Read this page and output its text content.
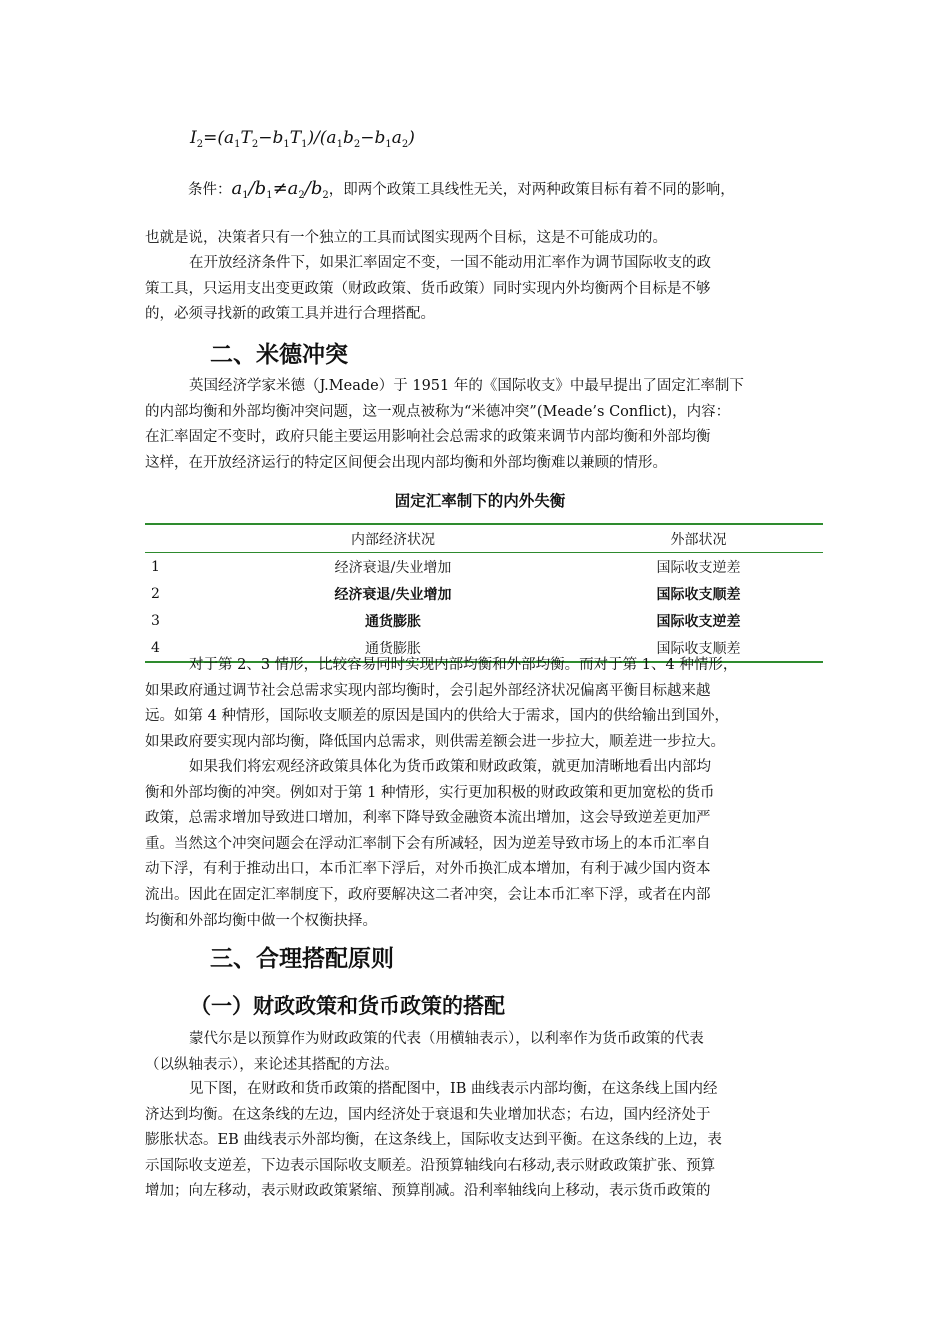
$I_2=(a_1T_2-b_1T_1)/(a_1b_2-b_1a_2)$
条件：$a_1/b_1\ne a_2/b_2$，即两个政策工具线性无关，对两种政策目标有着不同的影响，
也就是说，决策者只有一个独立的工具而试图实现两个目标，这是不可能成功的。
在开放经济条件下，如果汇率固定不变，一国不能动用汇率作为调节国际收支的政
策工具，只运用支出变更政策（财政政策、货币政策）同时实现内外均衡两个目标是不够
的，必须寻找新的政策工具并进行合理搭配。
二、米德冲突
英国经济学家米德（J.Meade）于 1951 年的《国际收支》中最早提出了固定汇率制下
的内部均衡和外部均衡冲突问题，这一观点被称为“米德冲突”(Meade’s Conflict)，内容：
在汇率固定不变时，政府只能主要运用影响社会总需求的政策来调节内部均衡和外部均衡
这样，在开放经济运行的特定区间便会出现内部均衡和外部均衡难以兼顾的情形。
固定汇率制下的内外失衡
	内部经济状况	外部状况
1	经济衰退/失业增加	国际收支逆差
2	经济衰退/失业增加	国际收支顺差
3	通货膨胀	国际收支逆差
4	通货膨胀	国际收支顺差
对于第 2、3 情形，比较容易同时实现内部均衡和外部均衡。而对于第 1、4 种情形，
如果政府通过调节社会总需求实现内部均衡时，会引起外部经济状况偏离平衡目标越来越
远。如第 4 种情形，国际收支顺差的原因是国内的供给大于需求，国内的供给输出到国外，
如果政府要实现内部均衡，降低国内总需求，则供需差额会进一步拉大，顺差进一步拉大。
如果我们将宏观经济政策具体化为货币政策和财政政策，就更加清晰地看出内部均
衡和外部均衡的冲突。例如对于第 1 种情形，实行更加积极的财政政策和更加宽松的货币
政策，总需求增加导致进口增加，利率下降导致金融资本流出增加，这会导致逆差更加严
重。当然这个冲突问题会在浮动汇率制下会有所减轻，因为逆差导致市场上的本币汇率自
动下浮，有利于推动出口，本币汇率下浮后，对外币换汇成本增加，有利于减少国内资本
流出。因此在固定汇率制度下，政府要解决这二者冲突，会让本币汇率下浮，或者在内部
均衡和外部均衡中做一个权衡抉择。
三、合理搭配原则
（一）财政政策和货币政策的搭配
蒙代尔是以预算作为财政政策的代表（用横轴表示），以利率作为货币政策的代表
（以纵轴表示），来论述其搭配的方法。
见下图，在财政和货币政策的搭配图中，IB 曲线表示内部均衡，在这条线上国内经
济达到均衡。在这条线的左边，国内经济处于衰退和失业增加状态；右边，国内经济处于
膨胀状态。EB 曲线表示外部均衡，在这条线上，国际收支达到平衡。在这条线的上边，表
示国际收支逆差，下边表示国际收支顺差。沿预算轴线向右移动,表示财政政策扩张、预算
增加；向左移动，表示财政政策紧缩、预算削减。沿利率轴线向上移动，表示货币政策的
